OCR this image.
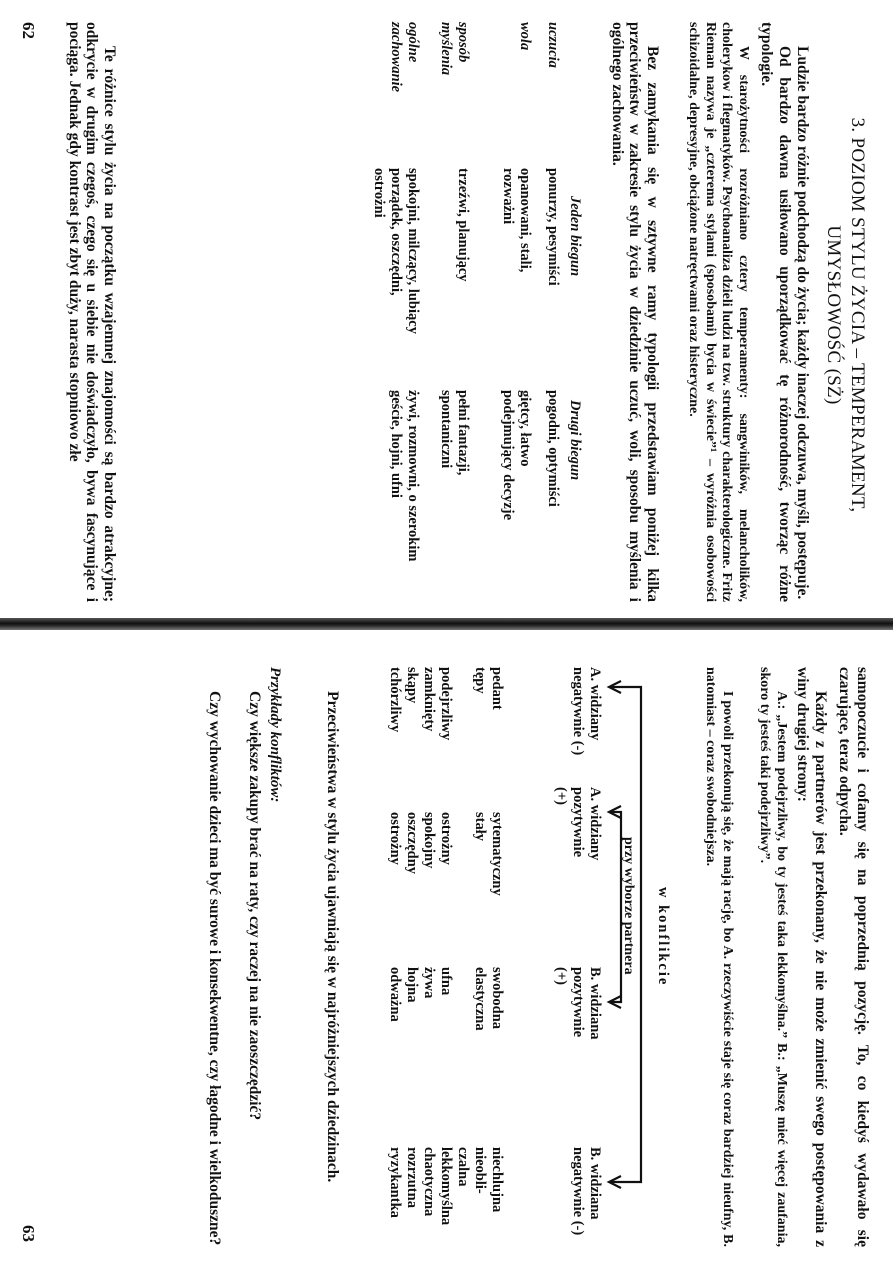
3. POZIOM STYLU ŻYCIA – TEMPERAMENT,
UMYSŁOWOŚĆ (SŻ)
Ludzie bardzo różnie podchodzą do życia; każdy inaczej odczuwa, myśli, postępuje.
Od bardzo dawna usiłowano uporządkować tę różnorodność, tworząc różne typologie.
W starożytności rozróżniano cztery temperamenty: sangwiników, melancholików, cholerykow i flegmatyków. Psychoanaliza dzieli ludzi na tzw. struktury charakterologiczne. Fritz Rieman nazywa je „czterema stylami (sposobami) bycia w świecie”¹ – wyróżnia osobowości schizoidalne, depresyjne, obciążone natręctwami oraz histeryczne.
Bez zamykania się w sztywne ramy typologii przedstawiam poniżej kilka przeciwieństw w zakresie stylu życia w dziedzinie uczuć, woli, sposobu myślenia i ogólnego zachowania.
Jeden biegun
Drugi biegun
uczucia
ponurzy, pesymiści
pogodni, optymiści
wola
opanowani, stali, rozważni
giętcy, łatwo podejmujący decyzje
sposób myślenia
trzeźwi, planujący
pełni fantazji, spontaniczni
ogólne zachowanie
spokojni, milczący, lubiący porządek, oszczędni, ostrożni
żywi, rozmowni, o szerokim geście, hojni, ufni
Te różnice stylu życia na początku wzajemnej znajomości są bardzo atrakcyjne; odkrycie w drugim czegoś, czego się u siebie nie doświadczyło, bywa fascynujące i pociąga. Jednak gdy kontrast jest zbyt duży, narasta stopniowo złe
62
samopoczucie i cofamy się na poprzednią pozycję. To, co kiedyś wydawało się czarujące, teraz odpycha.
Każdy z partnerów jest przekonany, że nie może zmienić swego postępowania z winy drugiej strony:
A.: „Jestem podejrzliwy, bo ty jesteś taka lekkomyślna.” B.: „Muszę mieć więcej zaufania, skoro ty jesteś taki podejrzliwy”.
I powoli przekonują się, że mają rację, bo A. rzeczywiście staje się coraz bardziej nieufny, B. natomiast – coraz swobodniejsza.
w konflikcie
przy wyborze partnera
A. widziany negatywnie (-)
A. widziany pozytywnie (+)
B. widziana pozytywnie (+)
B. widziana negatywnie (-)
pedant
tępy
podejrzliwy
zamknięty
skąpy
tchórzliwy
sytematyczny
stały
ostrożny
spokojny
oszczędny
ostrożny
swobodna
elastyczna
ufna
żywa
hojna
odważna
niechlujna
nieobli-
czalna
lekkomyślna
chaotyczna
rozrzutna
ryzykantka
Przeciwieństwa w stylu życia ujawniają się w najróżniejszych dziedzinach.
Przykłady konfliktów:
Czy większe zakupy brać na raty, czy raczej na nie zaoszczędzić?
Czy wychowanie dzieci ma być surowe i konsekwentne, czy łagodne i wielkoduszne?
63
